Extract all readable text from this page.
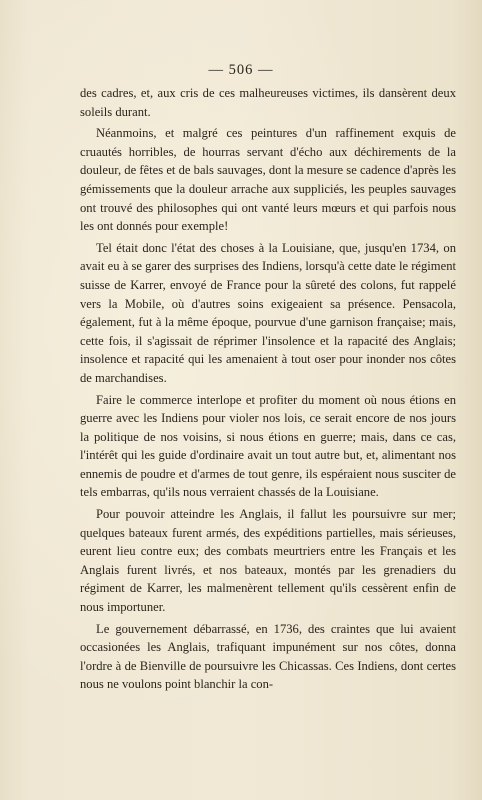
— 506 —

des cadres, et, aux cris de ces malheureuses victimes, ils dansèrent deux soleils durant.

Néanmoins, et malgré ces peintures d'un raffinement exquis de cruautés horribles, de hourras servant d'écho aux déchirements de la douleur, de fêtes et de bals sauvages, dont la mesure se cadence d'après les gémissements que la douleur arrache aux suppliciés, les peuples sauvages ont trouvé des philosophes qui ont vanté leurs mœurs et qui parfois nous les ont donnés pour exemple!

Tel était donc l'état des choses à la Louisiane, que, jusqu'en 1734, on avait eu à se garer des surprises des Indiens, lorsqu'à cette date le régiment suisse de Karrer, envoyé de France pour la sûreté des colons, fut rappelé vers la Mobile, où d'autres soins exigeaient sa présence. Pensacola, également, fut à la même époque, pourvue d'une garnison française; mais, cette fois, il s'agissait de réprimer l'insolence et la rapacité des Anglais; insolence et rapacité qui les amenaient à tout oser pour inonder nos côtes de marchandises.

Faire le commerce interlope et profiter du moment où nous étions en guerre avec les Indiens pour violer nos lois, ce serait encore de nos jours la politique de nos voisins, si nous étions en guerre; mais, dans ce cas, l'intérêt qui les guide d'ordinaire avait un tout autre but, et, alimentant nos ennemis de poudre et d'armes de tout genre, ils espéraient nous susciter de tels embarras, qu'ils nous verraient chassés de la Louisiane.

Pour pouvoir atteindre les Anglais, il fallut les poursuivre sur mer; quelques bateaux furent armés, des expéditions partielles, mais sérieuses, eurent lieu contre eux; des combats meurtriers entre les Français et les Anglais furent livrés, et nos bateaux, montés par les grenadiers du régiment de Karrer, les malmenèrent tellement qu'ils cessèrent enfin de nous importuner.

Le gouvernement débarrassé, en 1736, des craintes que lui avaient occasionées les Anglais, trafiquant impunément sur nos côtes, donna l'ordre à de Bienville de poursuivre les Chicassas. Ces Indiens, dont certes nous ne voulons point blanchir la con-
